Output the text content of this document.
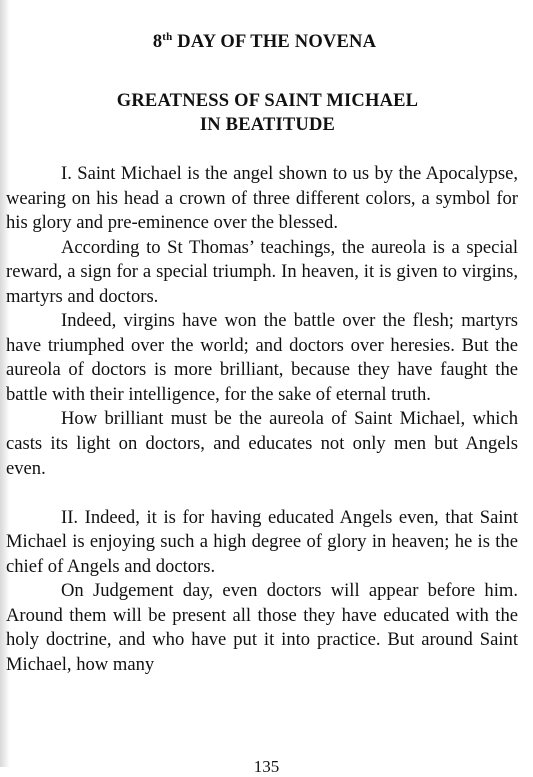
8th DAY OF THE NOVENA
GREATNESS OF SAINT MICHAEL
IN BEATITUDE

I. Saint Michael is the angel shown to us by the Apocalypse, wearing on his head a crown of three different colors, a symbol for his glory and pre-eminence over the blessed.

According to St Thomas’ teachings, the aureola is a special reward, a sign for a special triumph. In heaven, it is given to virgins, martyrs and doctors.

Indeed, virgins have won the battle over the flesh; martyrs have triumphed over the world; and doctors over heresies. But the aureola of doctors is more brilliant, because they have faught the battle with their intelligence, for the sake of eternal truth.

How brilliant must be the aureola of Saint Michael, which casts its light on doctors, and educates not only men but Angels even.

II. Indeed, it is for having educated Angels even, that Saint Michael is enjoying such a high degree of glory in heaven; he is the chief of Angels and doctors.

On Judgement day, even doctors will appear before him. Around them will be present all those they have educated with the holy doctrine, and who have put it into practice. But around Saint Michael, how many

135
